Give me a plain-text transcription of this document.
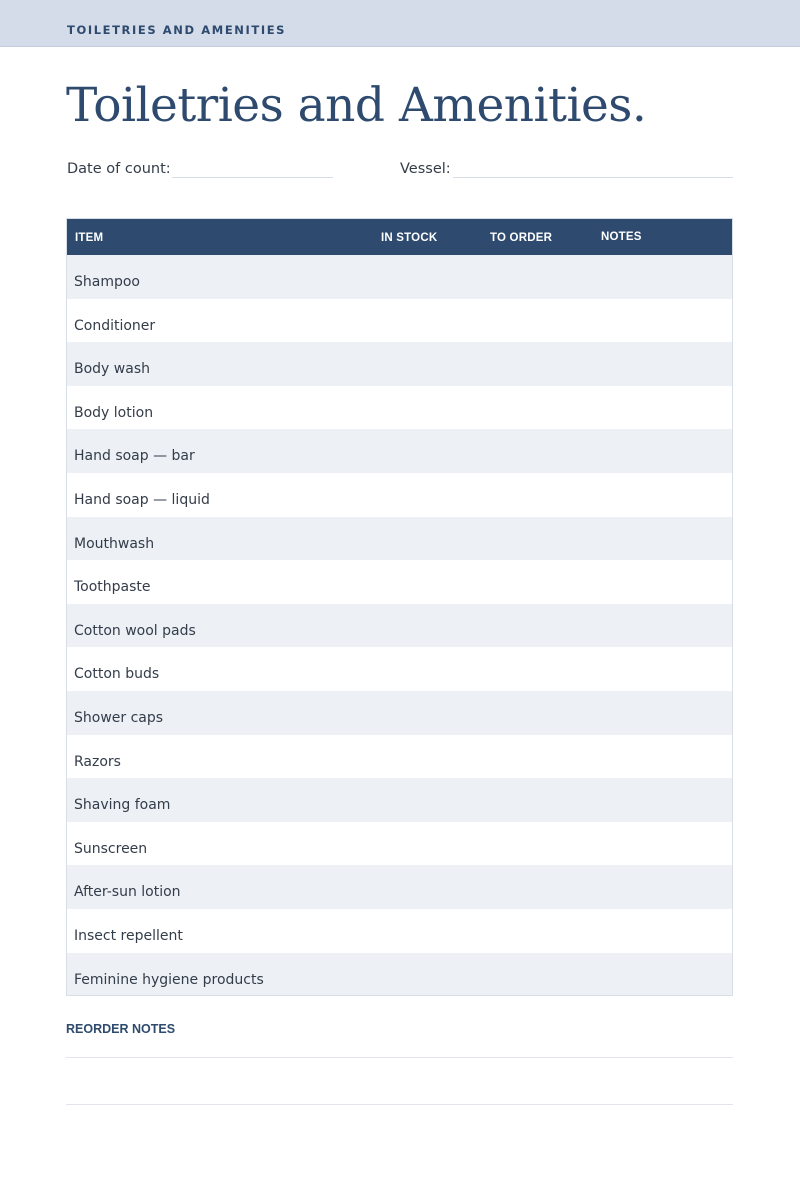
TOILETRIES AND AMENITIES
Toiletries and Amenities.
Date of count:	Vessel:
ITEM	IN STOCK	TO ORDER	NOTES
Shampoo
Conditioner
Body wash
Body lotion
Hand soap — bar
Hand soap — liquid
Mouthwash
Toothpaste
Cotton wool pads
Cotton buds
Shower caps
Razors
Shaving foam
Sunscreen
After-sun lotion
Insect repellent
Feminine hygiene products
REORDER NOTES
